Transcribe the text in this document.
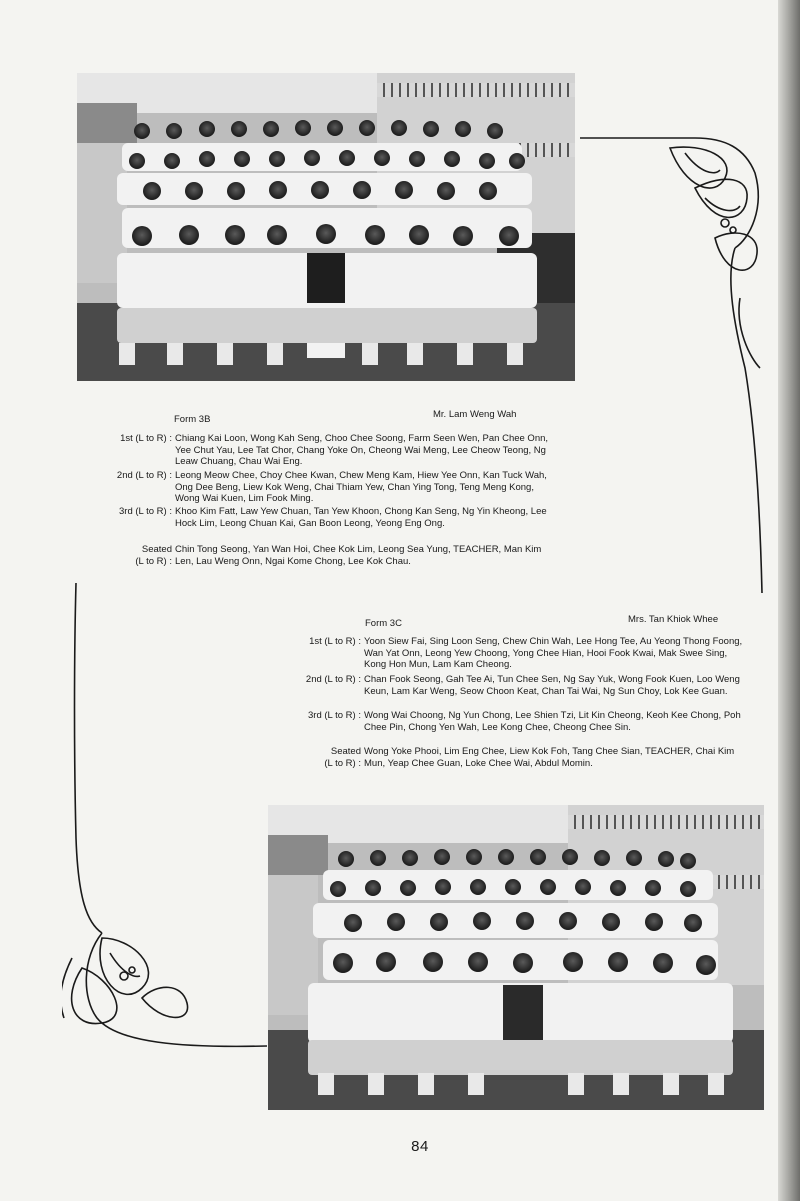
Form 3B	Mr. Lam Weng Wah
1st (L to R) : Chiang Kai Loon, Wong Kah Seng, Choo Chee Soong, Farm Seen Wen, Pan Chee Onn, Yee Chut Yau, Lee Tat Chor, Chang Yoke On, Cheong Wai Meng, Lee Cheow Teong, Ng Leaw Chuang, Chau Wai Eng.
2nd (L to R) : Leong Meow Chee, Choy Chee Kwan, Chew Meng Kam, Hiew Yee Onn, Kan Tuck Wah, Ong Dee Beng, Liew Kok Weng, Chai Thiam Yew, Chan Ying Tong, Teng Meng Kong, Wong Wai Kuen, Lim Fook Ming.
3rd (L to R) : Khoo Kim Fatt, Law Yew Chuan, Tan Yew Khoon, Chong Kan Seng, Ng Yin Kheong, Lee Hock Lim, Leong Chuan Kai, Gan Boon Leong, Yeong Eng Ong.
Seated
(L to R) :
Chin Tong Seong, Yan Wan Hoi, Chee Kok Lim, Leong Sea Yung, TEACHER, Man Kim Len, Lau Weng Onn, Ngai Kome Chong, Lee Kok Chau.
Form 3C	Mrs. Tan Khiok Whee
1st (L to R) : Yoon Siew Fai, Sing Loon Seng, Chew Chin Wah, Lee Hong Tee, Au Yeong Thong Foong, Wan Yat Onn, Leong Yew Choong, Yong Chee Hian, Hooi Fook Kwai, Mak Swee Sing, Kong Hon Mun, Lam Kam Cheong.
2nd (L to R) : Chan Fook Seong, Gah Tee Ai, Tun Chee Sen, Ng Say Yuk, Wong Fook Kuen, Loo Weng Keun, Lam Kar Weng, Seow Choon Keat, Chan Tai Wai, Ng Sun Choy, Lok Kee Guan.
3rd (L to R) : Wong Wai Choong, Ng Yun Chong, Lee Shien Tzi, Lit Kin Cheong, Keoh Kee Chong, Poh Chee Pin, Chong Yen Wah, Lee Kong Chee, Cheong Chee Sin.
Seated
(L to R) :
Wong Yoke Phooi, Lim Eng Chee, Liew Kok Foh, Tang Chee Sian, TEACHER, Chai Kim Mun, Yeap Chee Guan, Loke Chee Wai, Abdul Momin.
84
